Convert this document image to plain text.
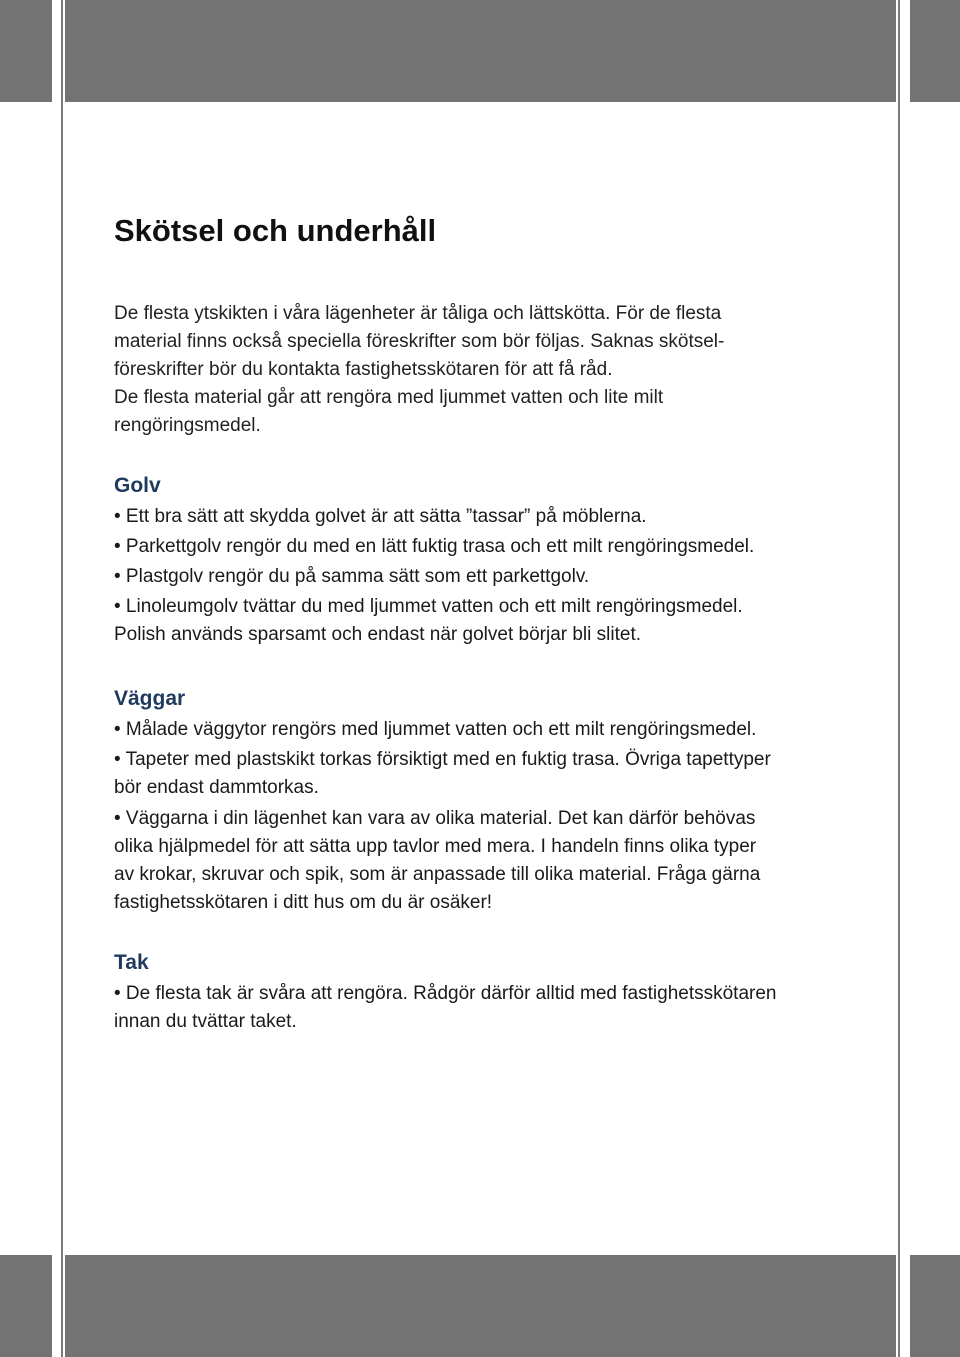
Skötsel och underhåll

De flesta ytskikten i våra lägenheter är tåliga och lättskötta. För de flesta

material finns också speciella föreskrifter som bör följas. Saknas skötsel-

föreskrifter bör du kontakta fastighetsskötaren för att få råd.

De flesta material går att rengöra med ljummet vatten och lite milt

rengöringsmedel.

Golv

• Ett bra sätt att skydda golvet är att sätta ”tassar” på möblerna.

• Parkettgolv rengör du med en lätt fuktig trasa och ett milt rengöringsmedel.

• Plastgolv rengör du på samma sätt som ett parkettgolv.

• Linoleumgolv tvättar du med ljummet vatten och ett milt rengöringsmedel.

Polish används sparsamt och endast när golvet börjar bli slitet.

Väggar

• Målade väggytor rengörs med ljummet vatten och ett milt rengöringsmedel.

• Tapeter med plastskikt torkas försiktigt med en fuktig trasa. Övriga tapettyper

bör endast dammtorkas.

• Väggarna i din lägenhet kan vara av olika material. Det kan därför behövas

olika hjälpmedel för att sätta upp tavlor med mera. I handeln finns olika typer

av krokar, skruvar och spik, som är anpassade till olika material. Fråga gärna

fastighetsskötaren i ditt hus om du är osäker!

Tak

• De flesta tak är svåra att rengöra. Rådgör därför alltid med fastighetsskötaren

innan du tvättar taket.
